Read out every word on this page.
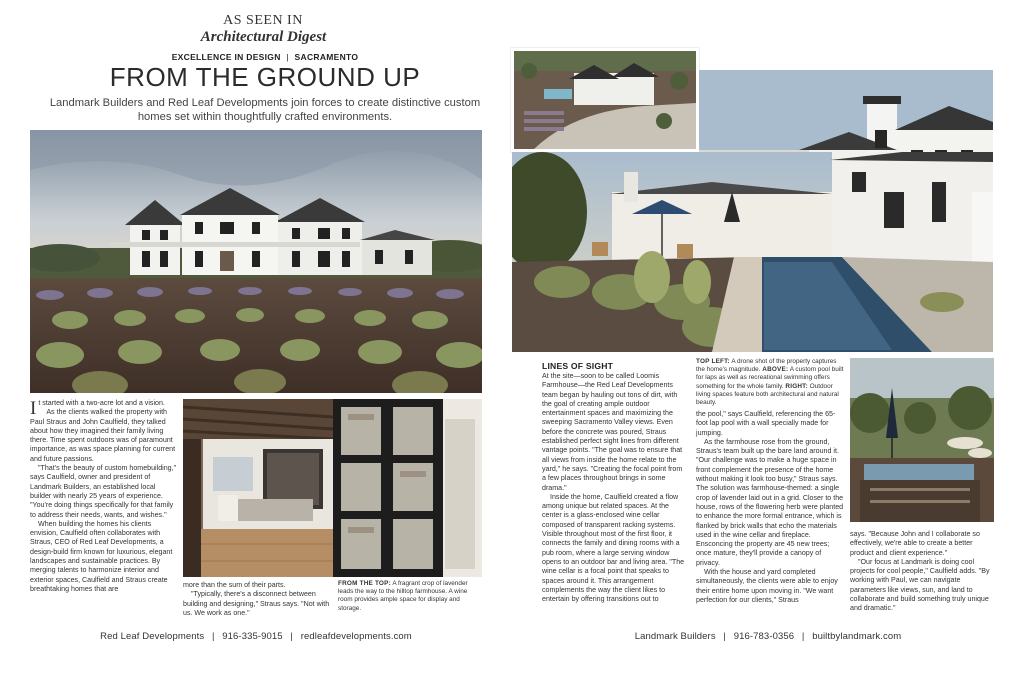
AS SEEN IN
Architectural Digest
EXCELLENCE IN DESIGN | SACRAMENTO
FROM THE GROUND UP
Landmark Builders and Red Leaf Developments join forces to create distinctive custom homes set within thoughtfully crafted environments.

I t started with a two-acre lot and a vision.

As the clients walked the property with Paul Straus and John Caulfield, they talked about how they imagined their family living there. Time spent outdoors was of paramount importance, as was space planning for current and future passions.

"That's the beauty of custom homebuilding," says Caulfield, owner and president of Landmark Builders, an established local builder with nearly 25 years of experience. "You're doing things specifically for that family to address their needs, wants, and wishes."

When building the homes his clients envision, Caulfield often collaborates with Straus, CEO of Red Leaf Developments, a design-build firm known for luxurious, elegant landscapes and sustainable practices. By merging talents to harmonize interior and exterior spaces, Caulfield and Straus create breathtaking homes that are	more than the sum of their parts.

"Typically, there's a disconnect between building and designing," Straus says. "Not with us. We work as one."

FROM THE TOP: A fragrant crop of lavender leads the way to the hilltop farmhouse. A wine room provides ample space for display and storage.
Red Leaf Developments | 916-335-9015 | redleafdevelopments.com

LINES OF SIGHT

At the site—soon to be called Loomis Farmhouse—the Red Leaf Developments team began by hauling out tons of dirt, with the goal of creating ample outdoor entertainment spaces and maximizing the sweeping Sacramento Valley views. Even before the concrete was poured, Straus established perfect sight lines from different vantage points. "The goal was to ensure that all views from inside the home relate to the yard," he says. "Creating the focal point from a few places throughout brings in some drama."

Inside the home, Caulfield created a flow among unique but related spaces. At the center is a glass-enclosed wine cellar composed of transparent racking systems. Visible throughout most of the first floor, it connects the family and dining rooms with a pub room, where a large serving window opens to an outdoor bar and living area. "The wine cellar is a focal point that speaks to spaces around it. This arrangement complements the way the client likes to entertain by offering transitions out to

TOP LEFT: A drone shot of the property captures the home's magnitude. ABOVE: A custom pool built for laps as well as recreational swimming offers something for the whole family. RIGHT: Outdoor living spaces feature both architectural and natural beauty.

the pool," says Caulfield, referencing the 65-foot lap pool with a wall specially made for jumping.

As the farmhouse rose from the ground, Straus's team built up the bare land around it. "Our challenge was to make a huge space in front complement the presence of the home without making it look too busy," Straus says. The solution was farmhouse-themed: a single crop of lavender laid out in a grid. Closer to the house, rows of the flowering herb were planted to enhance the more formal entrance, which is flanked by brick walls that echo the materials used in the wine cellar and fireplace. Ensconcing the property are 45 new trees; once mature, they'll provide a canopy of privacy.

With the house and yard completed simultaneously, the clients were able to enjoy their entire home upon moving in. "We want perfection for our clients," Straus

says. "Because John and I collaborate so effectively, we're able to create a better product and client experience."

"Our focus at Landmark is doing cool projects for cool people," Caulfield adds. "By working with Paul, we can navigate parameters like views, sun, and land to collaborate and build something truly unique and dramatic."

Landmark Builders | 916-783-0356 | builtbylandmark.com
